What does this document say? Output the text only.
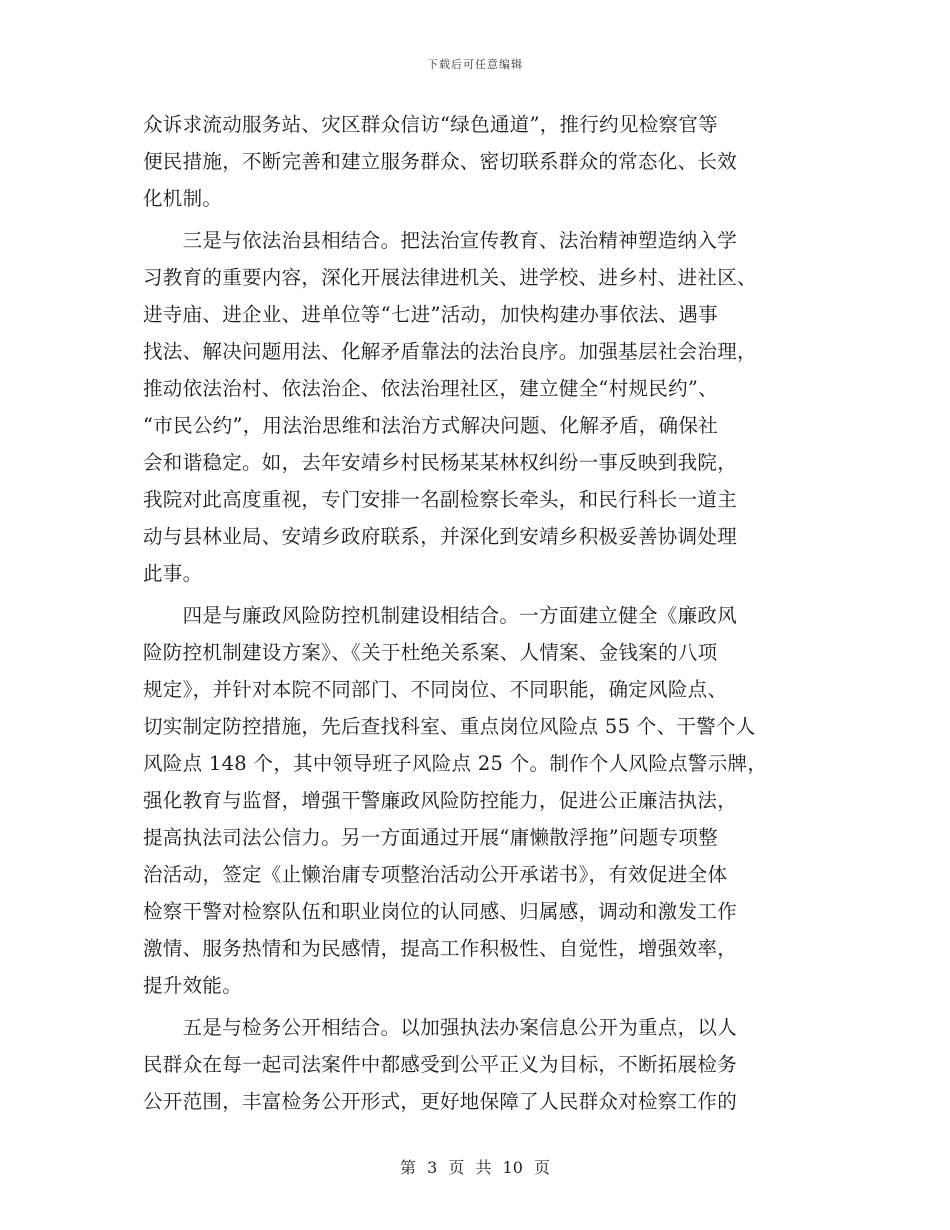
下载后可任意编辑
众诉求流动服务站、灾区群众信访“绿色通道”，推行约见检察官等
便民措施，不断完善和建立服务群众、密切联系群众的常态化、长效
化机制。
　　三是与依法治县相结合。把法治宣传教育、法治精神塑造纳入学
习教育的重要内容，深化开展法律进机关、进学校、进乡村、进社区、
进寺庙、进企业、进单位等“七进”活动，加快构建办事依法、遇事
找法、解决问题用法、化解矛盾靠法的法治良序。加强基层社会治理，
推动依法治村、依法治企、依法治理社区，建立健全“村规民约”、
“市民公约”，用法治思维和法治方式解决问题、化解矛盾，确保社
会和谐稳定。如，去年安靖乡村民杨某某林权纠纷一事反映到我院，
我院对此高度重视，专门安排一名副检察长牵头，和民行科长一道主
动与县林业局、安靖乡政府联系，并深化到安靖乡积极妥善协调处理
此事。
　　四是与廉政风险防控机制建设相结合。一方面建立健全《廉政风
险防控机制建设方案》、《关于杜绝关系案、人情案、金钱案的八项
规定》，并针对本院不同部门、不同岗位、不同职能，确定风险点、
切实制定防控措施，先后查找科室、重点岗位风险点 55 个、干警个人
风险点 148 个，其中领导班子风险点 25 个。制作个人风险点警示牌，
强化教育与监督，增强干警廉政风险防控能力，促进公正廉洁执法，
提高执法司法公信力。另一方面通过开展“庸懒散浮拖”问题专项整
治活动，签定《止懒治庸专项整治活动公开承诺书》，有效促进全体
检察干警对检察队伍和职业岗位的认同感、归属感，调动和激发工作
激情、服务热情和为民感情，提高工作积极性、自觉性，增强效率，
提升效能。
　　五是与检务公开相结合。以加强执法办案信息公开为重点，以人
民群众在每一起司法案件中都感受到公平正义为目标，不断拓展检务
公开范围，丰富检务公开形式，更好地保障了人民群众对检察工作的
第 3 页 共 10 页
